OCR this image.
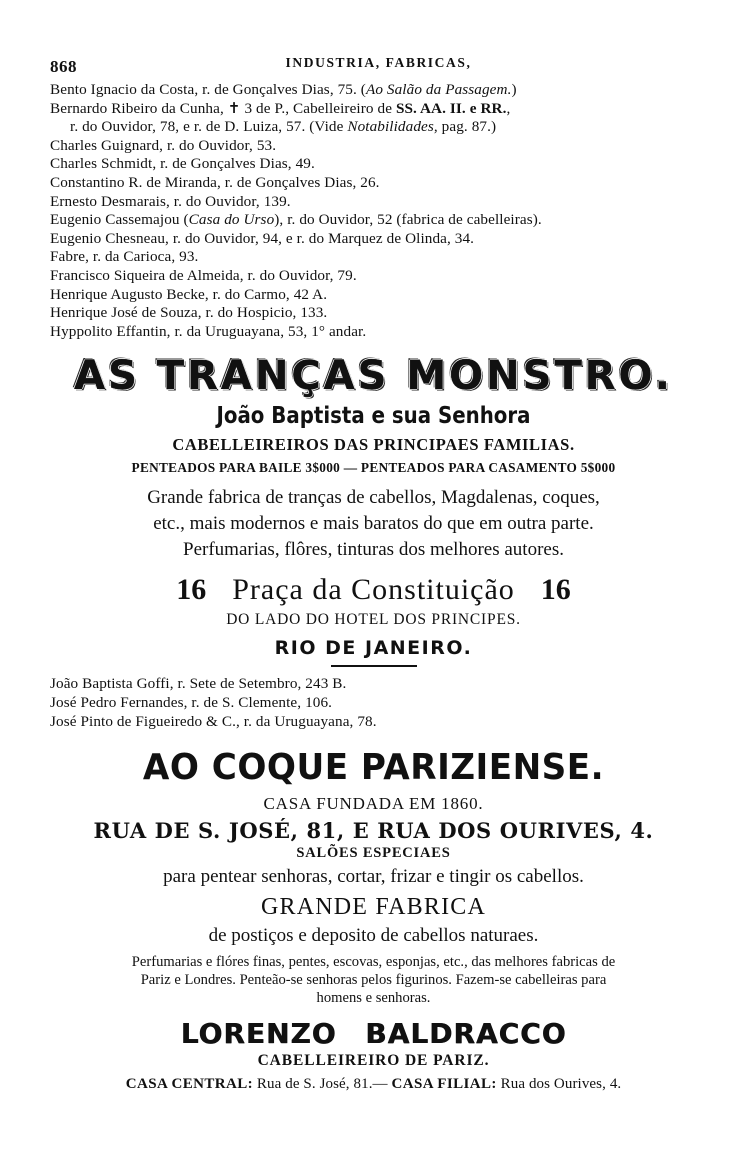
868	INDUSTRIA, FABRICAS,
Bento Ignacio da Costa, r. de Gonçalves Dias, 75. (Ao Salão da Passagem.)
Bernardo Ribeiro da Cunha, ✝ 3 de P., Cabelleireiro de SS. AA. II. e RR.,
r. do Ouvidor, 78, e r. de D. Luiza, 57. (Vide Notabilidades, pag. 87.)
Charles Guignard, r. do Ouvidor, 53.
Charles Schmidt, r. de Gonçalves Dias, 49.
Constantino R. de Miranda, r. de Gonçalves Dias, 26.
Ernesto Desmarais, r. do Ouvidor, 139.
Eugenio Cassemajou (Casa do Urso), r. do Ouvidor, 52 (fabrica de cabelleiras).
Eugenio Chesneau, r. do Ouvidor, 94, e r. do Marquez de Olinda, 34.
Fabre, r. da Carioca, 93.
Francisco Siqueira de Almeida, r. do Ouvidor, 79.
Henrique Augusto Becke, r. do Carmo, 42 A.
Henrique José de Souza, r. do Hospicio, 133.
Hyppolito Effantin, r. da Uruguayana, 53, 1° andar.
AS TRANÇAS MONSTRO.
João Baptista e sua Senhora
CABELLEIREIROS DAS PRINCIPAES FAMILIAS.
PENTEADOS PARA BAILE 3$000 — PENTEADOS PARA CASAMENTO 5$000
Grande fabrica de tranças de cabellos, Magdalenas, coques,
etc., mais modernos e mais baratos do que em outra parte.
Perfumarias, flôres, tinturas dos melhores autores.
16 Praça da Constituição 16
DO LADO DO HOTEL DOS PRINCIPES.
RIO DE JANEIRO.
João Baptista Goffi, r. Sete de Setembro, 243 B.
José Pedro Fernandes, r. de S. Clemente, 106.
José Pinto de Figueiredo & C., r. da Uruguayana, 78.
AO COQUE PARIZIENSE.
CASA FUNDADA EM 1860.
RUA DE S. JOSÉ, 81, E RUA DOS OURIVES, 4.
SALÕES ESPECIAES
para pentear senhoras, cortar, frizar e tingir os cabellos.
GRANDE FABRICA
de postiços e deposito de cabellos naturaes.
Perfumarias e flóres finas, pentes, escovas, esponjas, etc., das melhores fabricas de
Pariz e Londres. Penteão-se senhoras pelos figurinos. Fazem-se cabelleiras para
homens e senhoras.
LORENZO BALDRACCO
CABELLEIREIRO DE PARIZ.
CASA CENTRAL: Rua de S. José, 81.— CASA FILIAL: Rua dos Ourives, 4.
